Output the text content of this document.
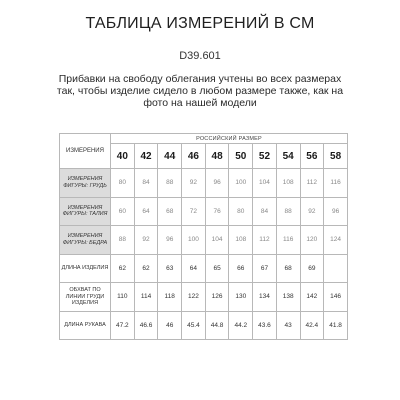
ТАБЛИЦА ИЗМЕРЕНИЙ В СМ
D39.601
Прибавки на свободу облегания учтены во всех размерах так, чтобы изделие сидело в любом размере также, как на фото на нашей модели
ИЗМЕРЕНИЯ	РОССИЙСКИЙ РАЗМЕР									
	40	42	44	46	48	50	52	54	56	58
ИЗМЕРЕНИЯ ФИГУРЫ: ГРУДЬ	80	84	88	92	96	100	104	108	112	116
ИЗМЕРЕНИЯ ФИГУРЫ: ТАЛИЯ	60	64	68	72	76	80	84	88	92	96
ИЗМЕРЕНИЯ ФИГУРЫ: БЕДРА	88	92	96	100	104	108	112	116	120	124
ДЛИНА ИЗДЕЛИЯ	62	62	63	64	65	66	67	68	69	
ОБХВАТ ПО ЛИНИИ ГРУДИ ИЗДЕЛИЯ	110	114	118	122	126	130	134	138	142	146
ДЛИНА РУКАВА	47.2	46.6	46	45.4	44.8	44.2	43.6	43	42.4	41.8
